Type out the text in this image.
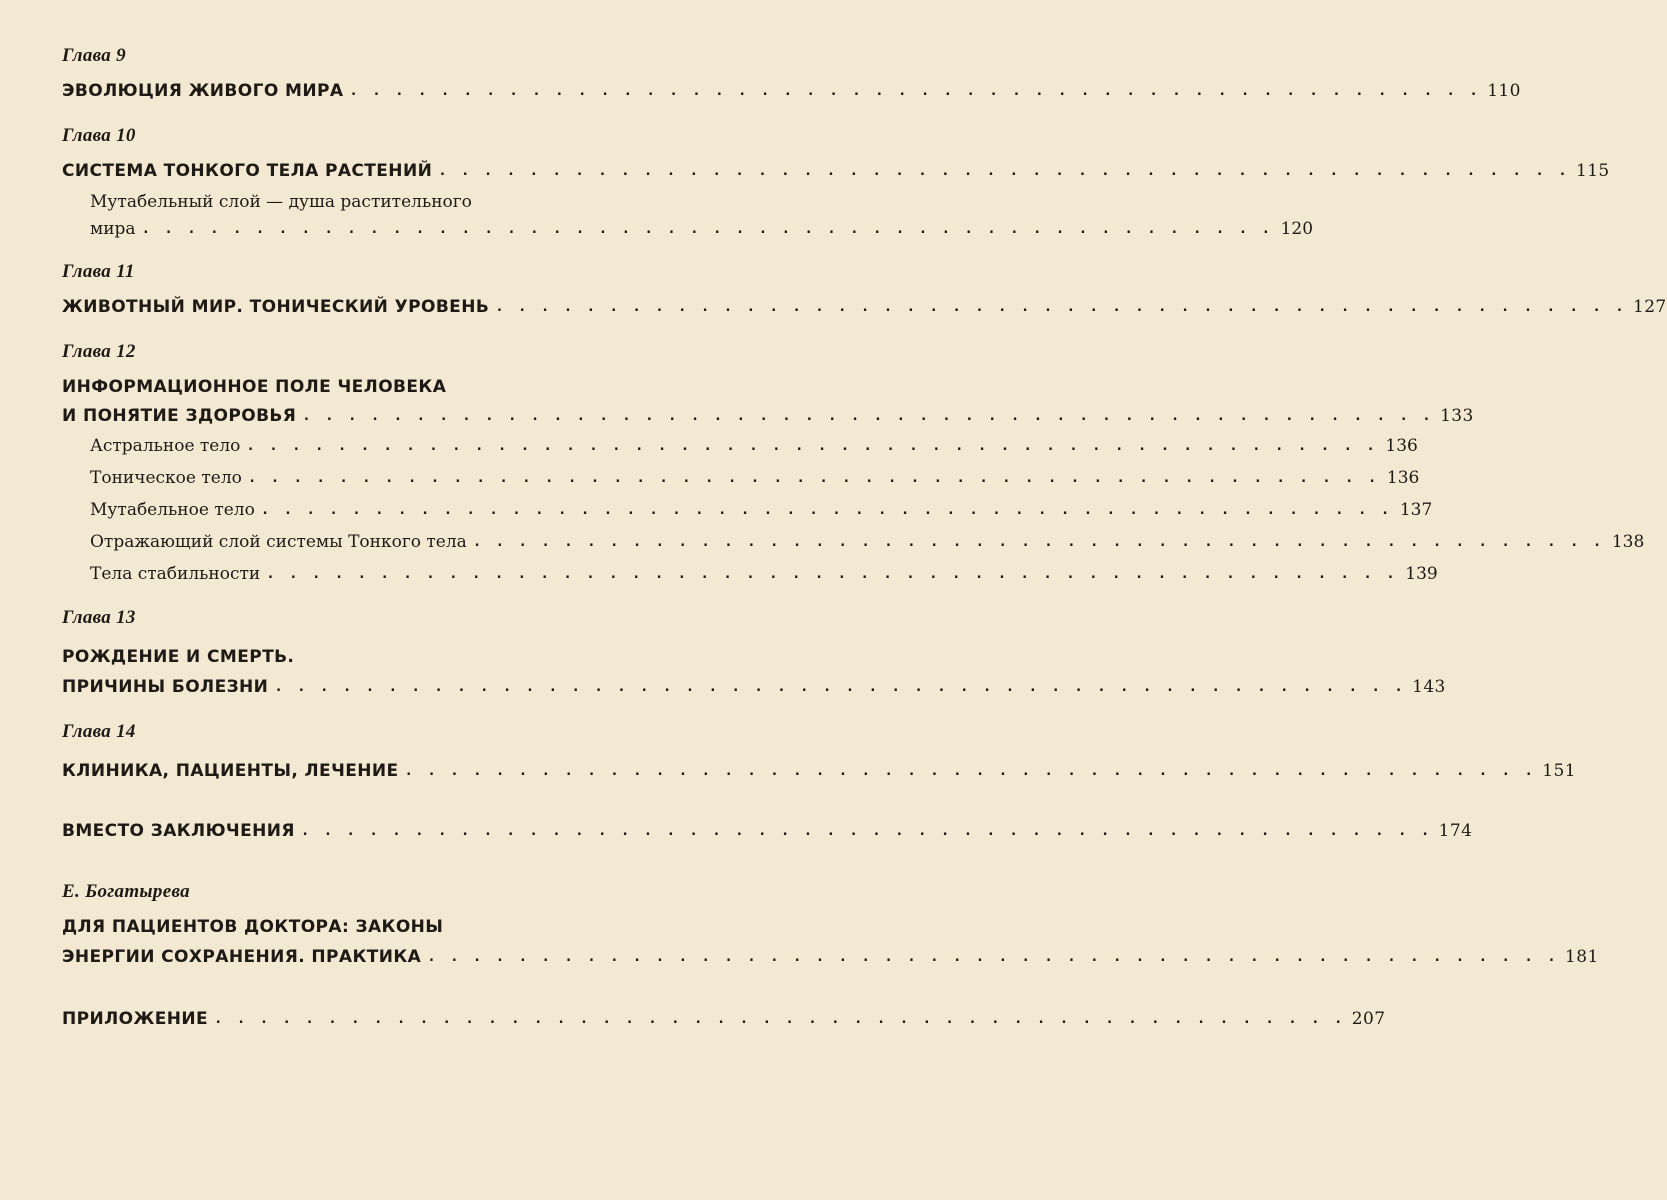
Глава 9
ЭВОЛЮЦИЯ ЖИВОГО МИРА . . . . . . . . . . . . . . . . . . . . . . . . . . . . . . . . . . . . . . . . . . . . . . . . . . 110
Глава 10
СИСТЕМА ТОНКОГО ТЕЛА РАСТЕНИЙ . . . . . . . . . . . . . . . . . . . . . . . . . . . . . . . . . . . . . . . . . . . . . . . . . . 115
Мутабельный слой — душа растительного
мира . . . . . . . . . . . . . . . . . . . . . . . . . . . . . . . . . . . . . . . . . . . . . . . . . . 120
Глава 11
ЖИВОТНЫЙ МИР. ТОНИЧЕСКИЙ УРОВЕНЬ . . . . . . . . . . . . . . . . . . . . . . . . . . . . . . . . . . . . . . . . . . . . . . . . . . 127
Глава 12
ИНФОРМАЦИОННОЕ ПОЛЕ ЧЕЛОВЕКА
И ПОНЯТИЕ ЗДОРОВЬЯ . . . . . . . . . . . . . . . . . . . . . . . . . . . . . . . . . . . . . . . . . . . . . . . . . . 133
Астральное тело . . . . . . . . . . . . . . . . . . . . . . . . . . . . . . . . . . . . . . . . . . . . . . . . . . 136
Тоническое тело . . . . . . . . . . . . . . . . . . . . . . . . . . . . . . . . . . . . . . . . . . . . . . . . . . 136
Мутабельное тело . . . . . . . . . . . . . . . . . . . . . . . . . . . . . . . . . . . . . . . . . . . . . . . . . . 137
Отражающий слой системы Тонкого тела . . . . . . . . . . . . . . . . . . . . . . . . . . . . . . . . . . . . . . . . . . . . . . . . . . 138
Тела стабильности . . . . . . . . . . . . . . . . . . . . . . . . . . . . . . . . . . . . . . . . . . . . . . . . . . 139
Глава 13
РОЖДЕНИЕ И СМЕРТЬ.
ПРИЧИНЫ БОЛЕЗНИ . . . . . . . . . . . . . . . . . . . . . . . . . . . . . . . . . . . . . . . . . . . . . . . . . . 143
Глава 14
КЛИНИКА, ПАЦИЕНТЫ, ЛЕЧЕНИЕ . . . . . . . . . . . . . . . . . . . . . . . . . . . . . . . . . . . . . . . . . . . . . . . . . . 151
ВМЕСТО ЗАКЛЮЧЕНИЯ . . . . . . . . . . . . . . . . . . . . . . . . . . . . . . . . . . . . . . . . . . . . . . . . . . 174
Е. Богатырева
ДЛЯ ПАЦИЕНТОВ ДОКТОРА: ЗАКОНЫ
ЭНЕРГИИ СОХРАНЕНИЯ. ПРАКТИКА . . . . . . . . . . . . . . . . . . . . . . . . . . . . . . . . . . . . . . . . . . . . . . . . . . 181
ПРИЛОЖЕНИЕ . . . . . . . . . . . . . . . . . . . . . . . . . . . . . . . . . . . . . . . . . . . . . . . . . . 207
